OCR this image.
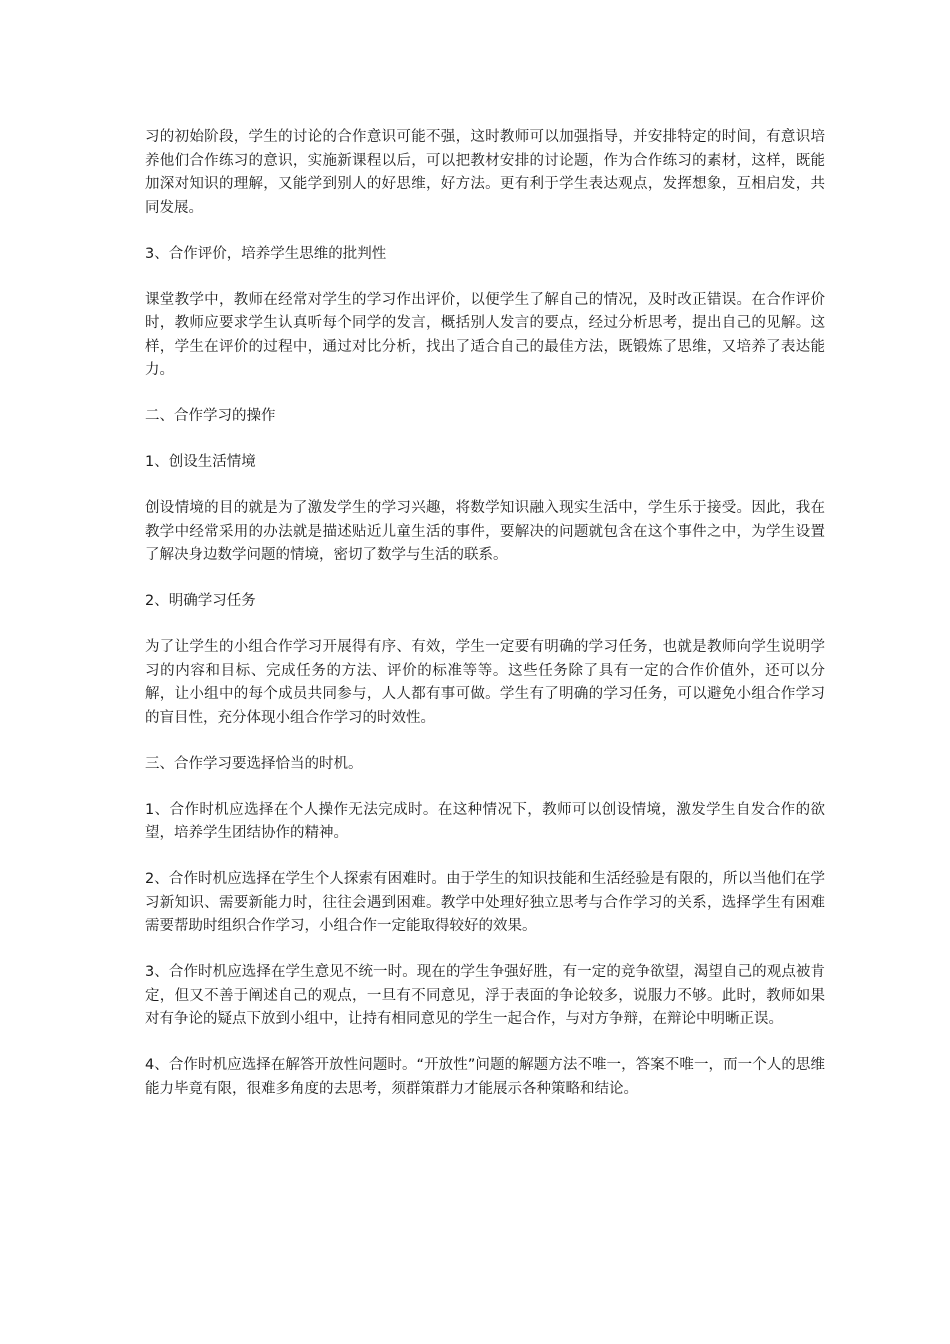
习的初始阶段，学生的讨论的合作意识可能不强，这时教师可以加强指导，并安排特定的时间，有意识培养他们合作练习的意识，实施新课程以后，可以把教材安排的讨论题，作为合作练习的素材，这样，既能加深对知识的理解，又能学到别人的好思维，好方法。更有利于学生表达观点，发挥想象，互相启发，共同发展。

3、合作评价，培养学生思维的批判性

课堂教学中，教师在经常对学生的学习作出评价，以便学生了解自己的情况，及时改正错误。在合作评价时，教师应要求学生认真听每个同学的发言，概括别人发言的要点，经过分析思考，提出自己的见解。这样，学生在评价的过程中，通过对比分析，找出了适合自己的最佳方法，既锻炼了思维，又培养了表达能力。

二、合作学习的操作

1、创设生活情境

创设情境的目的就是为了激发学生的学习兴趣，将数学知识融入现实生活中，学生乐于接受。因此，我在教学中经常采用的办法就是描述贴近儿童生活的事件，要解决的问题就包含在这个事件之中，为学生设置了解决身边数学问题的情境，密切了数学与生活的联系。

2、明确学习任务

为了让学生的小组合作学习开展得有序、有效，学生一定要有明确的学习任务，也就是教师向学生说明学习的内容和目标、完成任务的方法、评价的标准等等。这些任务除了具有一定的合作价值外，还可以分解，让小组中的每个成员共同参与，人人都有事可做。学生有了明确的学习任务，可以避免小组合作学习的盲目性，充分体现小组合作学习的时效性。

三、合作学习要选择恰当的时机。

1、合作时机应选择在个人操作无法完成时。在这种情况下，教师可以创设情境，激发学生自发合作的欲望，培养学生团结协作的精神。

2、合作时机应选择在学生个人探索有困难时。由于学生的知识技能和生活经验是有限的，所以当他们在学习新知识、需要新能力时，往往会遇到困难。教学中处理好独立思考与合作学习的关系，选择学生有困难需要帮助时组织合作学习，小组合作一定能取得较好的效果。

3、合作时机应选择在学生意见不统一时。现在的学生争强好胜，有一定的竞争欲望，渴望自己的观点被肯定，但又不善于阐述自己的观点，一旦有不同意见，浮于表面的争论较多，说服力不够。此时，教师如果对有争论的疑点下放到小组中，让持有相同意见的学生一起合作，与对方争辩，在辩论中明晰正误。

4、合作时机应选择在解答开放性问题时。“开放性”问题的解题方法不唯一，答案不唯一，而一个人的思维能力毕竟有限，很难多角度的去思考，须群策群力才能展示各种策略和结论。
